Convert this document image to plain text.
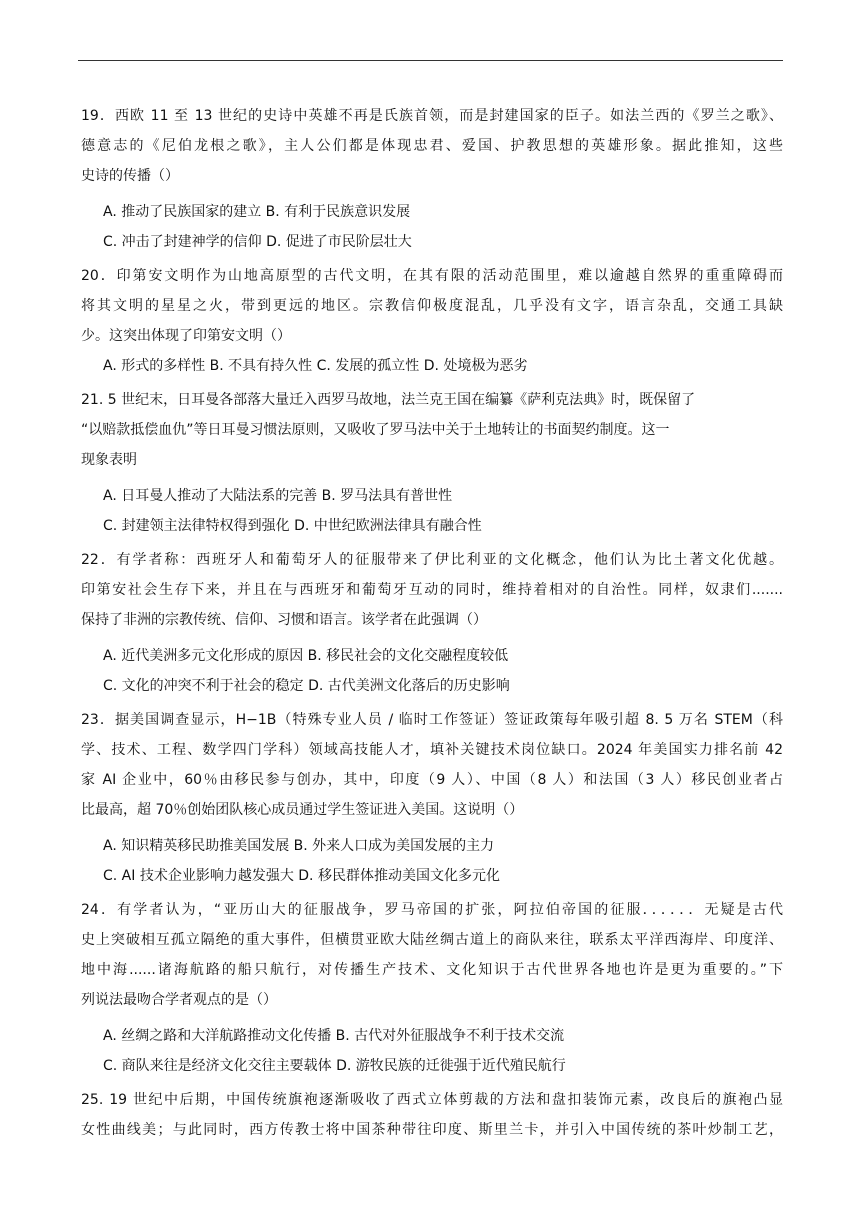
19．西欧 11 至 13 世纪的史诗中英雄不再是氏族首领，而是封建国家的臣子。如法兰西的《罗兰之歌》、

德意志的《尼伯龙根之歌》，主人公们都是体现忠君、爱国、护教思想的英雄形象。据此推知，这些

史诗的传播（）

A. 推动了民族国家的建立 B. 有利于民族意识发展
C. 冲击了封建神学的信仰 D. 促进了市民阶层壮大

20．印第安文明作为山地高原型的古代文明，在其有限的活动范围里，难以逾越自然界的重重障碍而

将其文明的星星之火，带到更远的地区。宗教信仰极度混乱，几乎没有文字，语言杂乱，交通工具缺

少。这突出体现了印第安文明（）

A. 形式的多样性 B. 不具有持久性 C. 发展的孤立性 D. 处境极为恶劣

21. 5 世纪末，日耳曼各部落大量迁入西罗马故地，法兰克王国在编纂《萨利克法典》时，既保留了

“以赔款抵偿血仇”等日耳曼习惯法原则，又吸收了罗马法中关于土地转让的书面契约制度。这一

现象表明

A. 日耳曼人推动了大陆法系的完善 B. 罗马法具有普世性
C. 封建领主法律特权得到强化 D. 中世纪欧洲法律具有融合性

22．有学者称：西班牙人和葡萄牙人的征服带来了伊比利亚的文化概念，他们认为比土著文化优越。

印第安社会生存下来，并且在与西班牙和葡萄牙互动的同时，维持着相对的自治性。同样，奴隶们.......

保持了非洲的宗教传统、信仰、习惯和语言。该学者在此强调（）

A. 近代美洲多元文化形成的原因 B. 移民社会的文化交融程度较低
C. 文化的冲突不利于社会的稳定 D. 古代美洲文化落后的历史影响

23．据美国调查显示，H−1B（特殊专业人员 / 临时工作签证）签证政策每年吸引超 8. 5 万名 STEM（科

学、技术、工程、数学四门学科）领域高技能人才，填补关键技术岗位缺口。2024 年美国实力排名前 42

家 AI 企业中，60％由移民参与创办，其中，印度（9 人）、中国（8 人）和法国（3 人）移民创业者占

比最高，超 70％创始团队核心成员通过学生签证进入美国。这说明（）

A. 知识精英移民助推美国发展 B. 外来人口成为美国发展的主力
C. AI 技术企业影响力越发强大 D. 移民群体推动美国文化多元化

24．有学者认为，“亚历山大的征服战争，罗马帝国的扩张，阿拉伯帝国的征服．．．．．．无疑是古代

史上突破相互孤立隔绝的重大事件，但横贯亚欧大陆丝绸古道上的商队来往，联系太平洋西海岸、印度洋、

地中海......诸海航路的船只航行，对传播生产技术、文化知识于古代世界各地也许是更为重要的。”下

列说法最吻合学者观点的是（）

A. 丝绸之路和大洋航路推动文化传播 B. 古代对外征服战争不利于技术交流
C. 商队来往是经济文化交往主要载体 D. 游牧民族的迁徙强于近代殖民航行

25. 19 世纪中后期，中国传统旗袍逐渐吸收了西式立体剪裁的方法和盘扣装饰元素，改良后的旗袍凸显

女性曲线美；与此同时，西方传教士将中国茶种带往印度、斯里兰卡，并引入中国传统的茶叶炒制工艺，
